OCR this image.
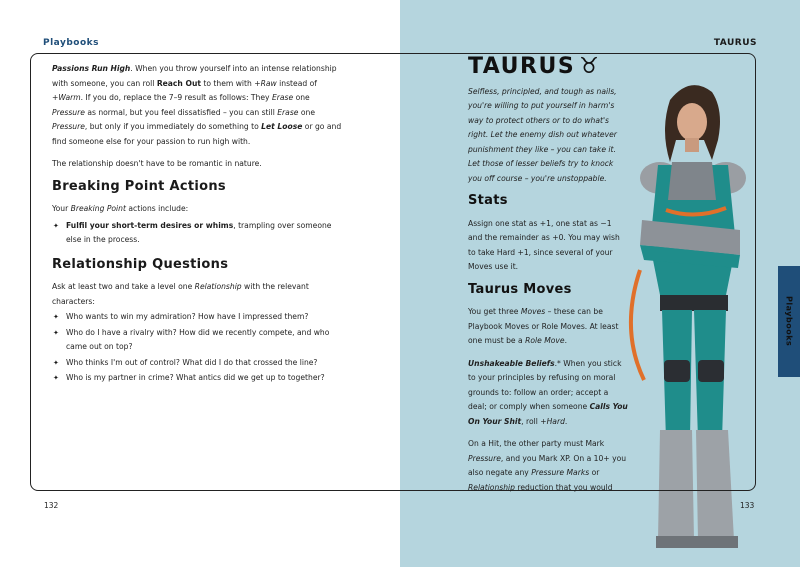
Playbooks	TAURUS

Passions Run High. When you throw yourself into an intense relationship with someone, you can roll Reach Out to them with +Raw instead of +Warm. If you do, replace the 7–9 result as follows: They Erase one Pressure as normal, but you feel dissatisfied – you can still Erase one Pressure, but only if you immediately do something to Let Loose or go and find someone else for your passion to run high with.

The relationship doesn't have to be romantic in nature.

Breaking Point Actions

Your Breaking Point actions include:

✦ Fulfil your short-term desires or whims, trampling over someone else in the process.
Relationship Questions

Ask at least two and take a level one Relationship with the relevant characters:

✦ Who wants to win my admiration? How have I impressed them?
✦ Who do I have a rivalry with? How did we recently compete, and who came out on top?
✦ Who thinks I'm out of control? What did I do that crossed the line?
✦ Who is my partner in crime? What antics did we get up to together?
TAURUS ♉

Selfless, principled, and tough as nails, you're willing to put yourself in harm's way to protect others or to do what's right. Let the enemy dish out whatever punishment they like – you can take it. Let those of lesser beliefs try to knock you off course – you're unstoppable.

Stats

Assign one stat as +1, one stat as −1 and the remainder as +0. You may wish to take Hard +1, since several of your Moves use it.

Taurus Moves

You get three Moves – these can be Playbook Moves or Role Moves. At least one must be a Role Move.

Unshakeable Beliefs.* When you stick to your principles by refusing on moral grounds to: follow an order; accept a deal; or comply when someone Calls You On Your Shit, roll +Hard.

On a Hit, the other party must Mark Pressure, and you Mark XP. On a 10+ you also negate any Pressure Marks or Relationship reduction that you would

132	133
Playbooks
